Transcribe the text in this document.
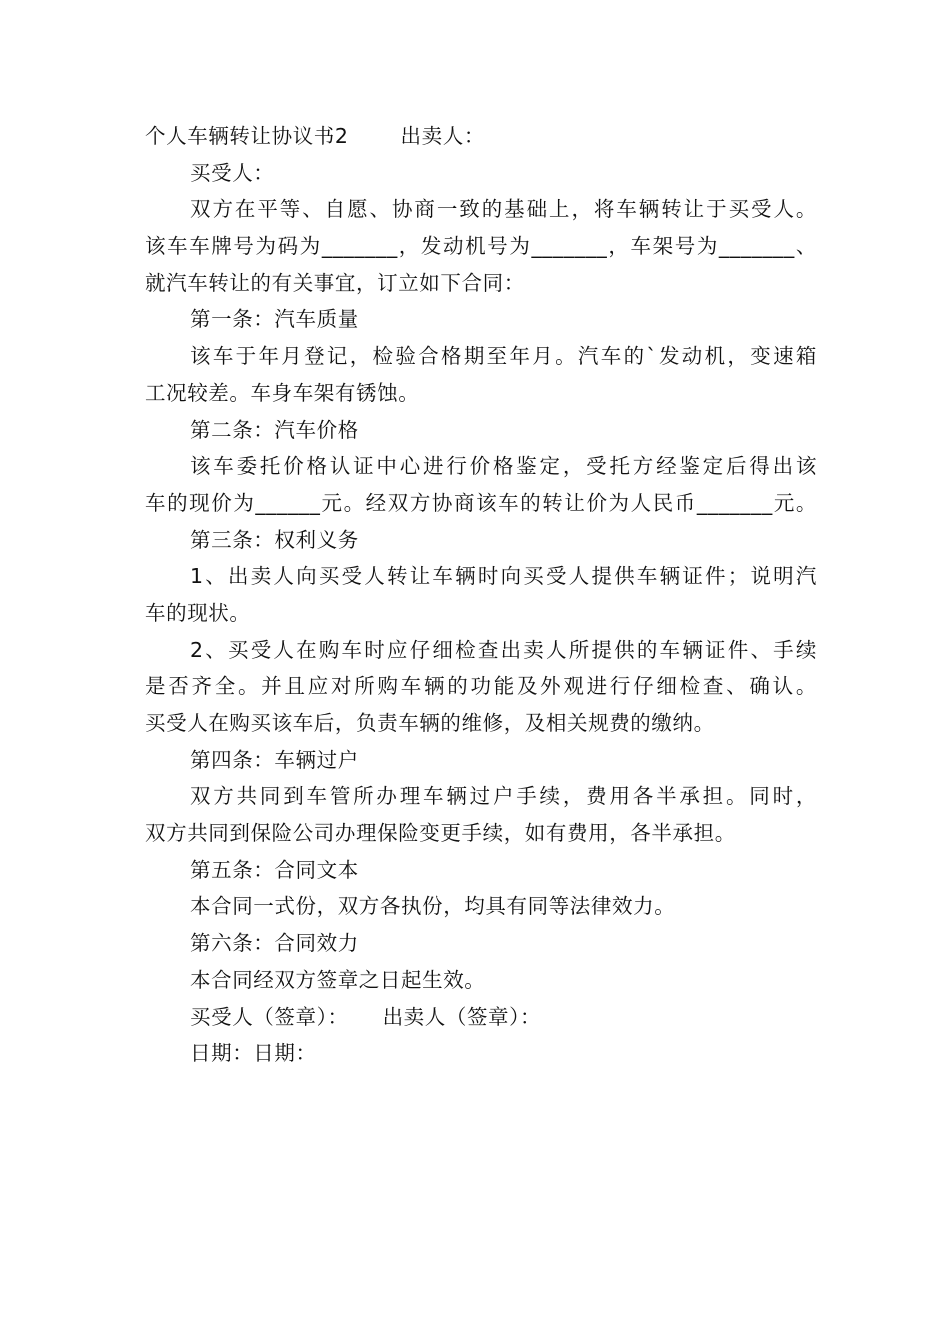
个人车辆转让协议书2	出卖人：
买受人：
双方在平等、自愿、协商一致的基础上，将车辆转让于买受人。
该车车牌号为码为_______，发动机号为_______，车架号为_______、
就汽车转让的有关事宜，订立如下合同：
第一条：汽车质量
该车于年月登记，检验合格期至年月。汽车的`发动机，变速箱
工况较差。车身车架有锈蚀。
第二条：汽车价格
该车委托价格认证中心进行价格鉴定，受托方经鉴定后得出该
车的现价为______元。经双方协商该车的转让价为人民币_______元。
第三条：权利义务
1、出卖人向买受人转让车辆时向买受人提供车辆证件；说明汽
车的现状。
2、买受人在购车时应仔细检查出卖人所提供的车辆证件、手续
是否齐全。并且应对所购车辆的功能及外观进行仔细检查、确认。
买受人在购买该车后，负责车辆的维修，及相关规费的缴纳。
第四条：车辆过户
双方共同到车管所办理车辆过户手续，费用各半承担。同时，
双方共同到保险公司办理保险变更手续，如有费用，各半承担。
第五条：合同文本
本合同一式份，双方各执份，均具有同等法律效力。
第六条：合同效力
本合同经双方签章之日起生效。
买受人（签章）： 出卖人（签章）：
日期：日期：
